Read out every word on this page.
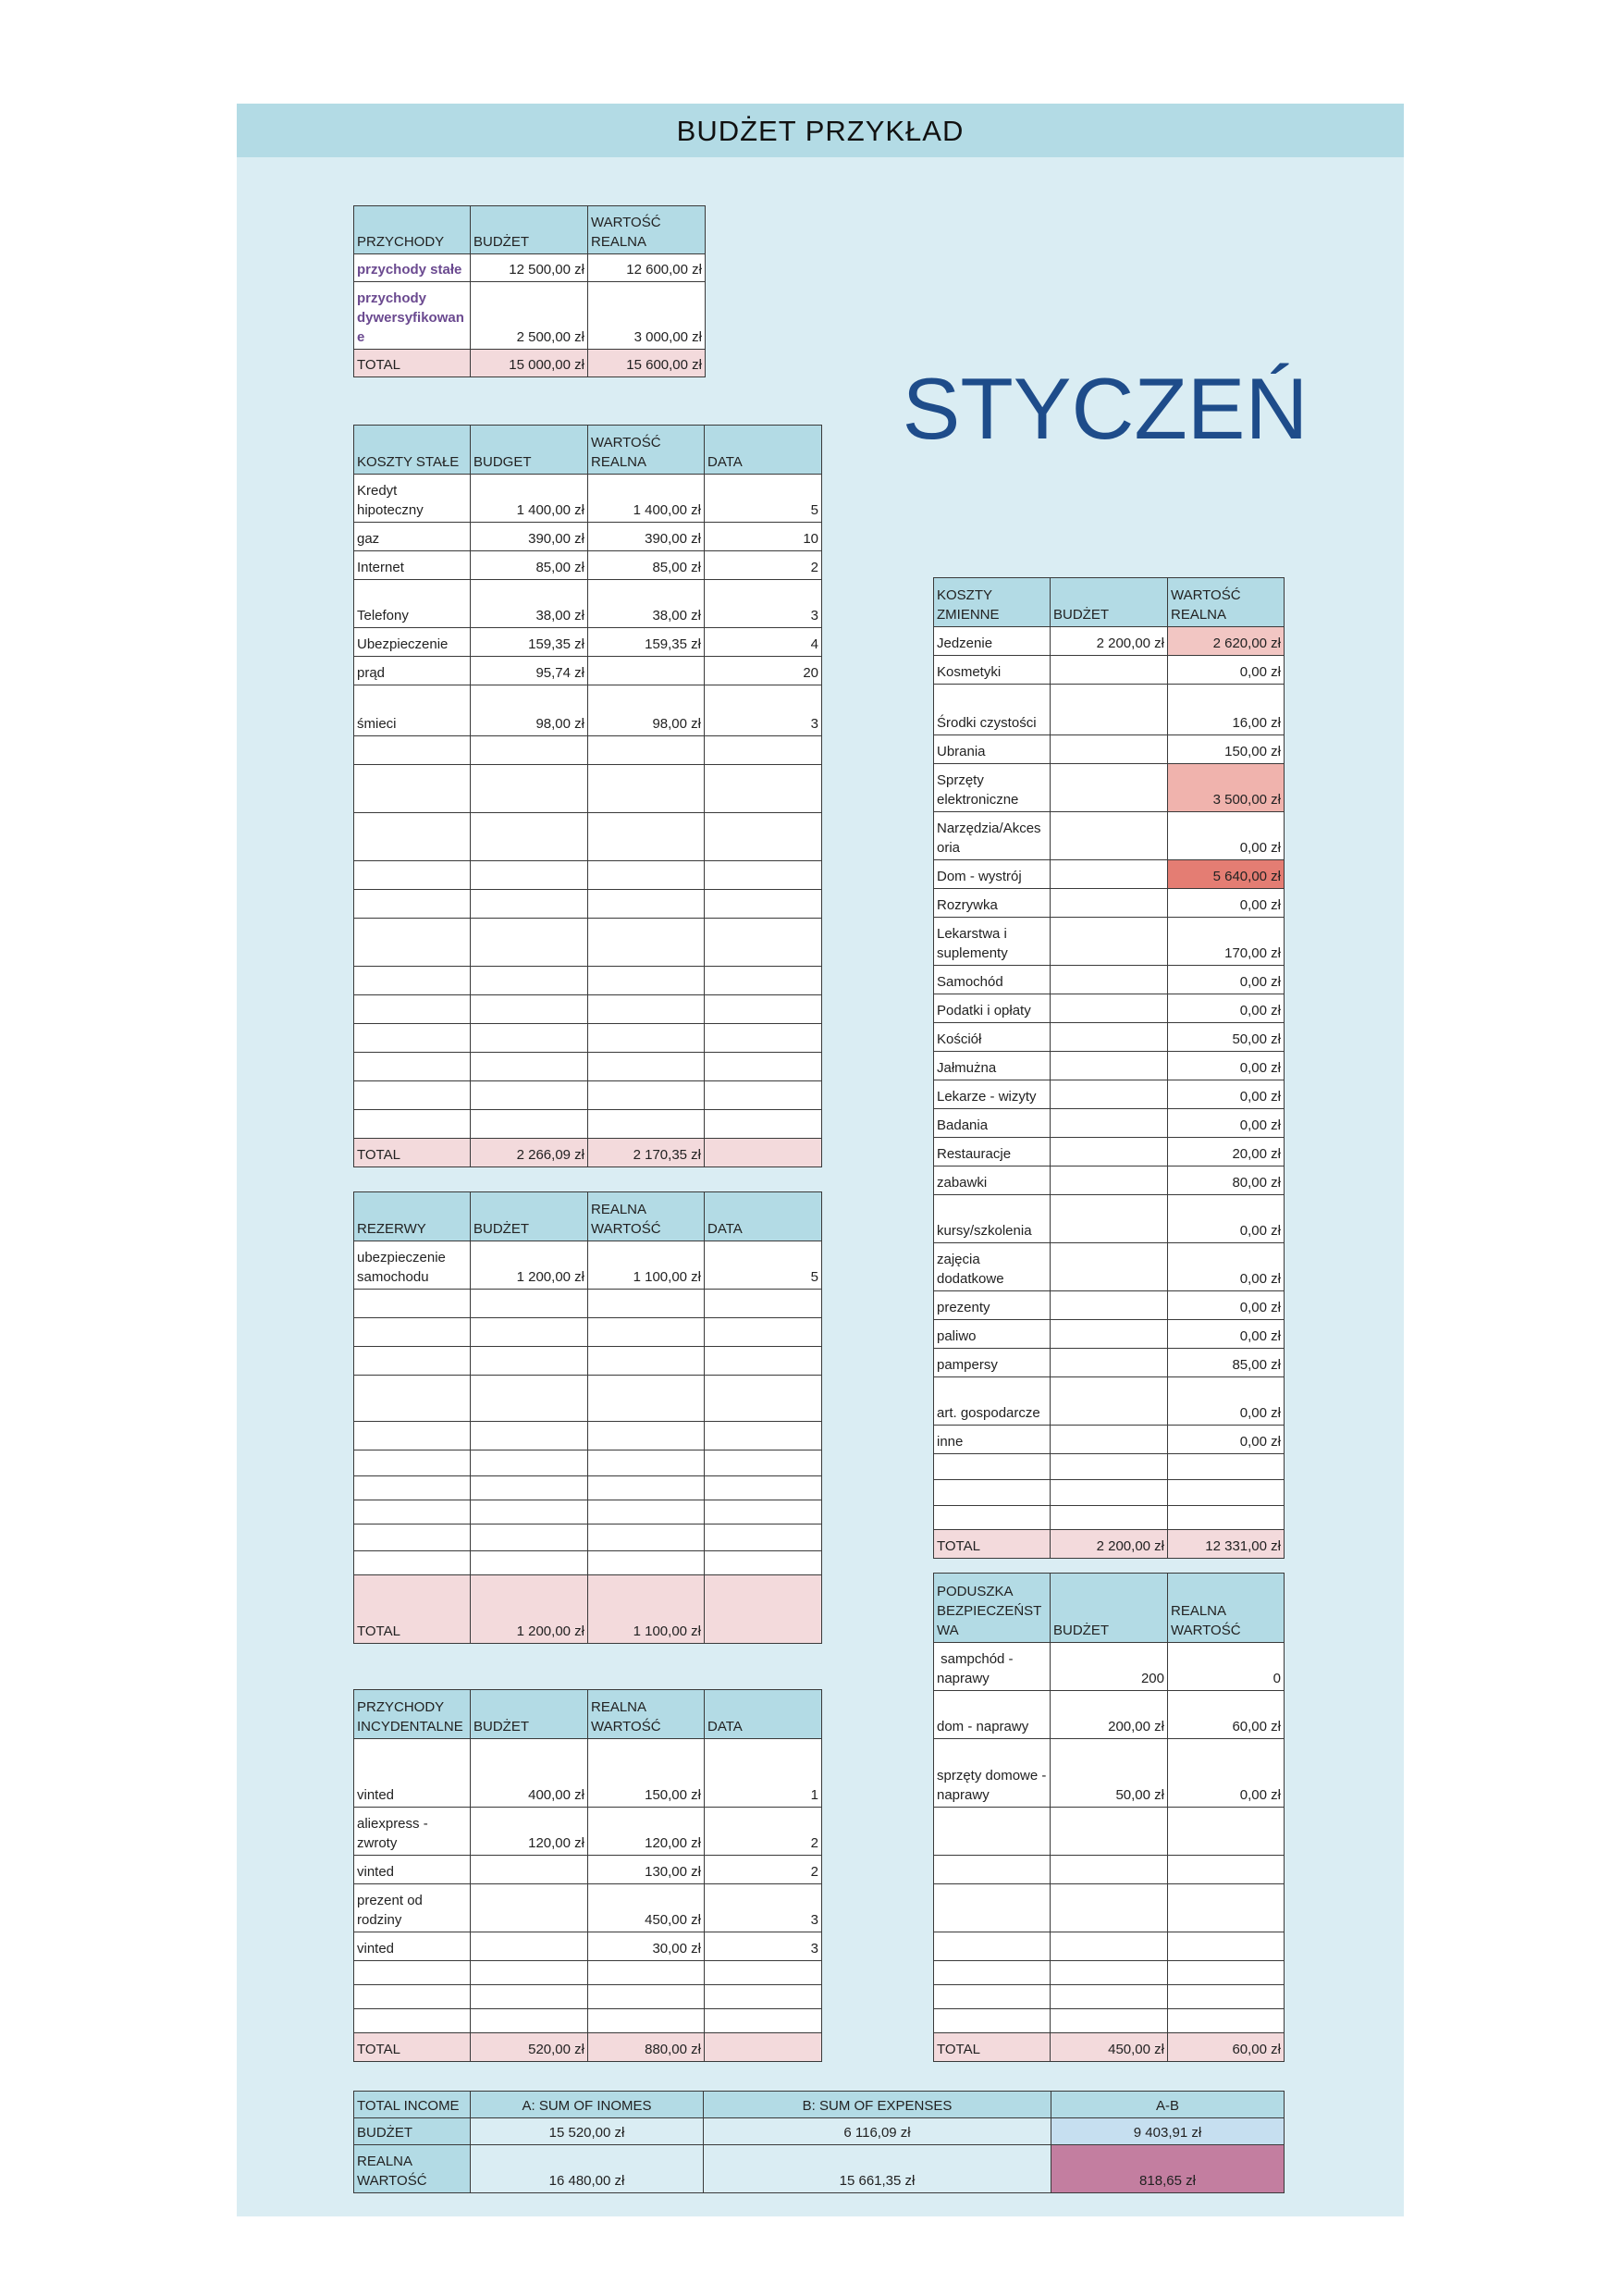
BUDŻET PRZYKŁAD
STYCZEŃ
PRZYCHODY	BUDŻET	WARTOŚĆ REALNA
przychody stałe	12 500,00 zł	12 600,00 zł
przychody dywersyfikowane	2 500,00 zł	3 000,00 zł
TOTAL	15 000,00 zł	15 600,00 zł
KOSZTY STAŁE	BUDGET	WARTOŚĆ REALNA	DATA
Kredyt hipoteczny	1 400,00 zł	1 400,00 zł	5
gaz	390,00 zł	390,00 zł	10
Internet	85,00 zł	85,00 zł	2
Telefony	38,00 zł	38,00 zł	3
Ubezpieczenie	159,35 zł	159,35 zł	4
prąd	95,74 zł		20
śmieci	98,00 zł	98,00 zł	3

TOTAL	2 266,09 zł	2 170,35 zł	
KOSZTY ZMIENNE	BUDŻET	WARTOŚĆ REALNA
Jedzenie	2 200,00 zł	2 620,00 zł
Kosmetyki		0,00 zł
Środki czystości		16,00 zł
Ubrania		150,00 zł
Sprzęty elektroniczne		3 500,00 zł
Narzędzia/Akcesoria		0,00 zł
Dom - wystrój		5 640,00 zł
Rozrywka		0,00 zł
Lekarstwa i suplementy		170,00 zł
Samochód		0,00 zł
Podatki i opłaty		0,00 zł
Kościół		50,00 zł
Jałmużna		0,00 zł
Lekarze - wizyty		0,00 zł
Badania		0,00 zł
Restauracje		20,00 zł
zabawki		80,00 zł
kursy/szkolenia		0,00 zł
zajęcia dodatkowe		0,00 zł
prezenty		0,00 zł
paliwo		0,00 zł
pampersy		85,00 zł
art. gospodarcze		0,00 zł
inne		0,00 zł

TOTAL	2 200,00 zł	12 331,00 zł
REZERWY	BUDŻET	REALNA WARTOŚĆ	DATA
ubezpieczenie samochodu	1 200,00 zł	1 100,00 zł	5

TOTAL	1 200,00 zł	1 100,00 zł	
PODUSZKA BEZPIECZEŃSTWA	BUDŻET	REALNA WARTOŚĆ
sampchód - naprawy	200	0
dom - naprawy	200,00 zł	60,00 zł
sprzęty domowe - naprawy	50,00 zł	0,00 zł

TOTAL	450,00 zł	60,00 zł
PRZYCHODY INCYDENTALNE	BUDŻET	REALNA WARTOŚĆ	DATA
vinted	400,00 zł	150,00 zł	1
aliexpress - zwroty	120,00 zł	120,00 zł	2
vinted		130,00 zł	2
prezent od rodziny		450,00 zł	3
vinted		30,00 zł	3

TOTAL	520,00 zł	880,00 zł	
TOTAL INCOME	A: SUM OF INOMES	B: SUM OF EXPENSES	A-B
BUDŻET	15 520,00 zł	6 116,09 zł	9 403,91 zł
REALNA WARTOŚĆ	16 480,00 zł	15 661,35 zł	818,65 zł
